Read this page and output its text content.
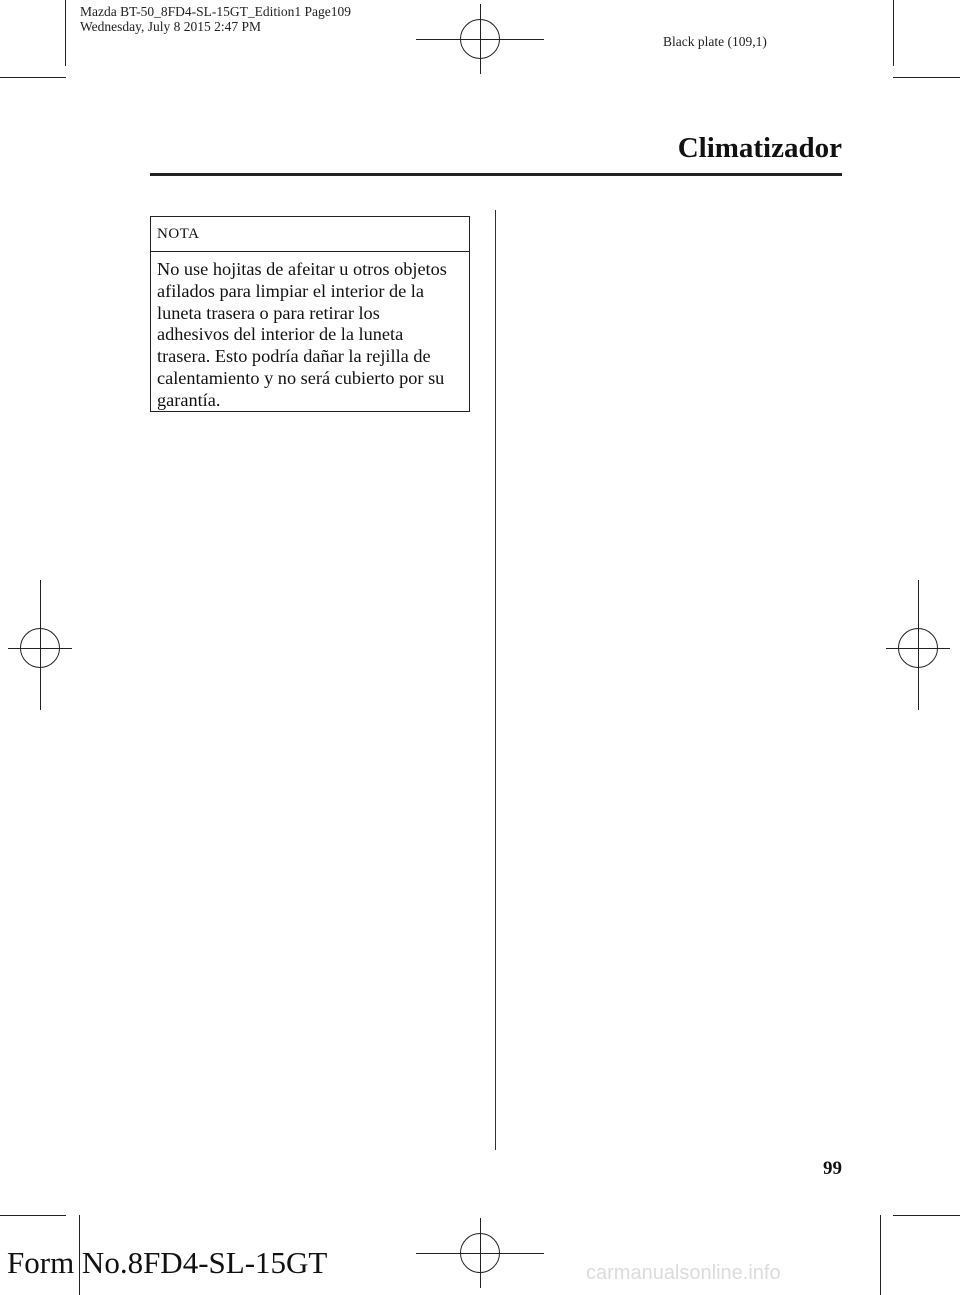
Mazda BT-50_8FD4-SL-15GT_Edition1 Page109
Wednesday, July 8 2015 2:47 PM
Black plate (109,1)
Climatizador
NOTA
No use hojitas de afeitar u otros objetos
afilados para limpiar el interior de la
luneta trasera o para retirar los
adhesivos del interior de la luneta
trasera. Esto podría dañar la rejilla de
calentamiento y no será cubierto por su
garantía.
99
Form No.8FD4-SL-15GT	carmanualsonline.info
